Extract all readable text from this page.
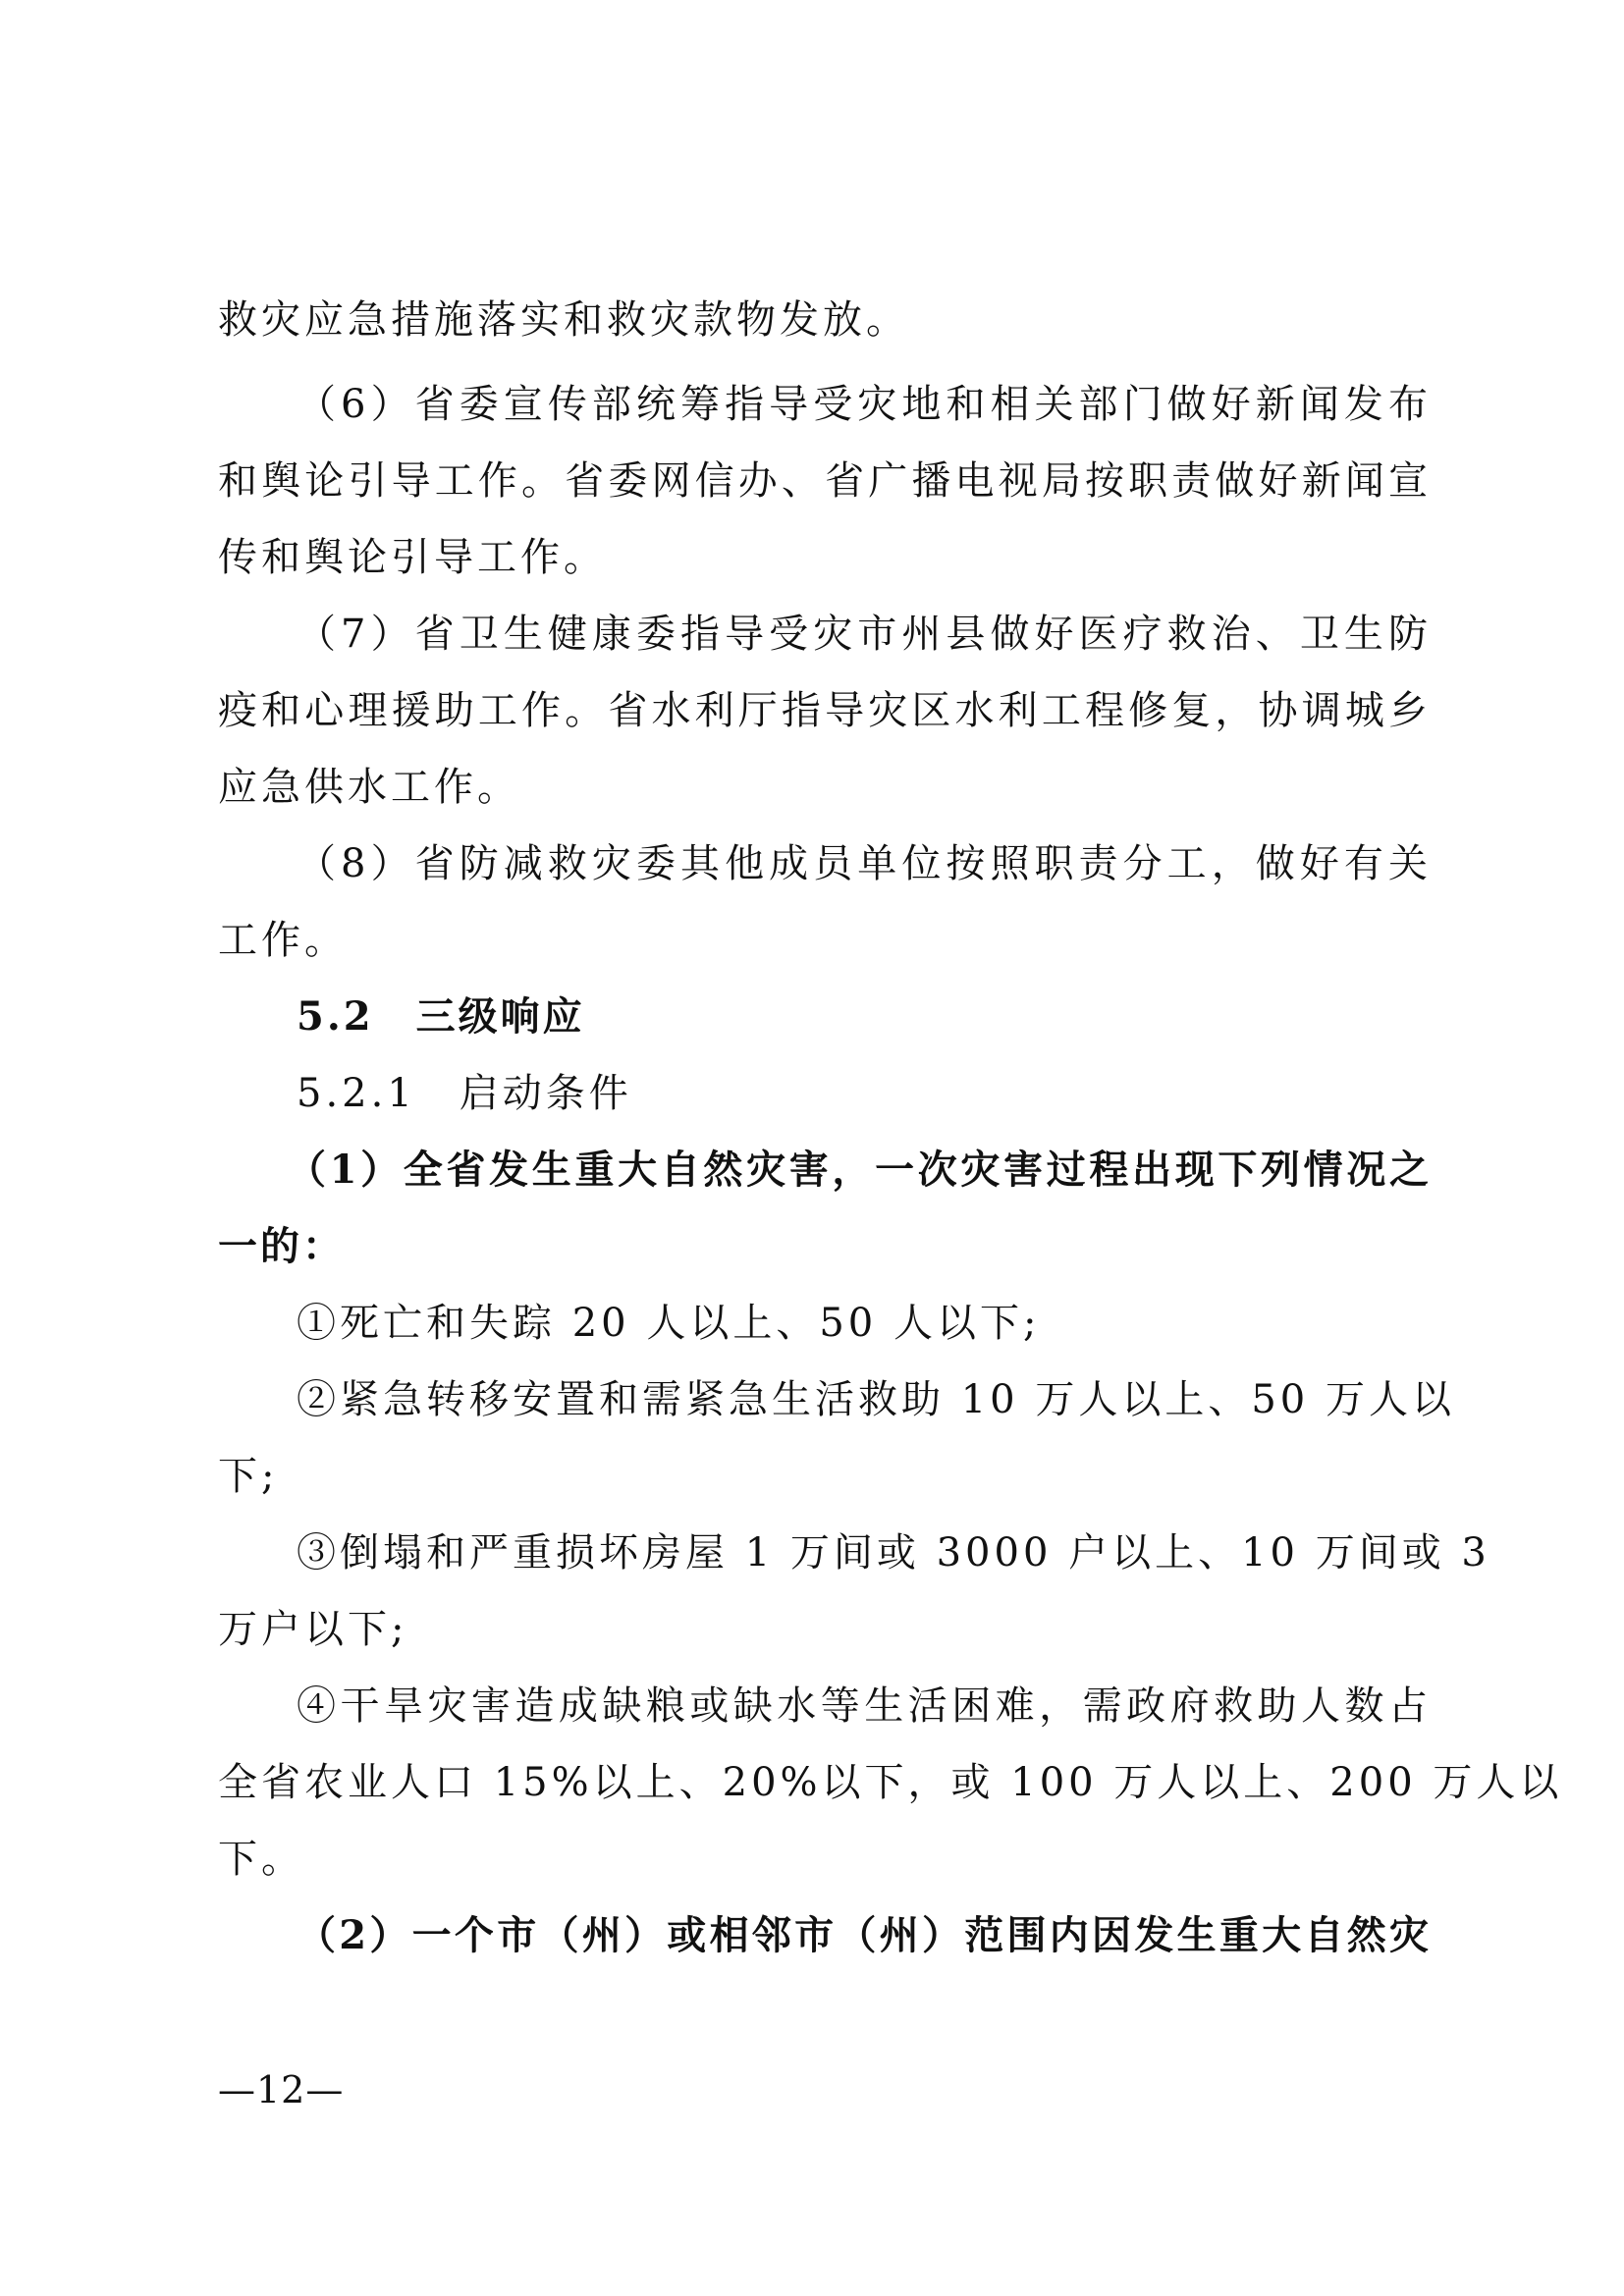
救灾应急措施落实和救灾款物发放。
（6）省委宣传部统筹指导受灾地和相关部门做好新闻发布
和舆论引导工作。省委网信办、省广播电视局按职责做好新闻宣
传和舆论引导工作。
（7）省卫生健康委指导受灾市州县做好医疗救治、卫生防
疫和心理援助工作。省水利厅指导灾区水利工程修复，协调城乡
应急供水工作。
（8）省防减救灾委其他成员单位按照职责分工，做好有关
工作。
5.2　三级响应
5.2.1　启动条件
（1）全省发生重大自然灾害，一次灾害过程出现下列情况之
一的：
①死亡和失踪 20 人以上、50 人以下;
②紧急转移安置和需紧急生活救助 10 万人以上、50 万人以
下;
③倒塌和严重损坏房屋 1 万间或 3000 户以上、10 万间或 3
万户以下;
④干旱灾害造成缺粮或缺水等生活困难，需政府救助人数占
全省农业人口 15%以上、20%以下，或 100 万人以上、200 万人以
下。
（2）一个市（州）或相邻市（州）范围内因发生重大自然灾
—12—
